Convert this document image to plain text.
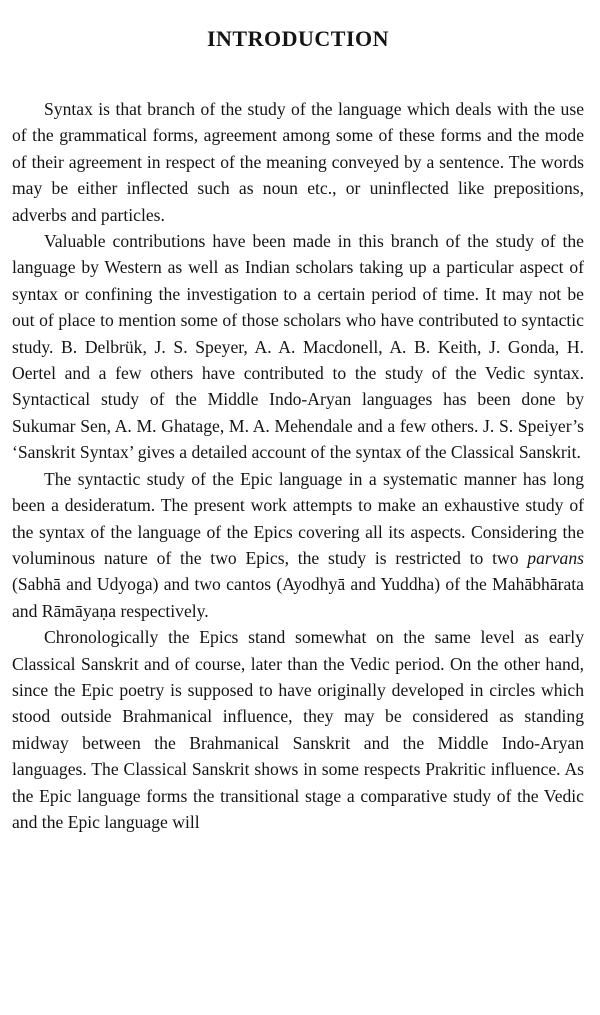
INTRODUCTION

Syntax is that branch of the study of the language which deals with the use of the grammatical forms, agreement among some of these forms and the mode of their agreement in respect of the meaning conveyed by a sentence. The words may be either inflected such as noun etc., or uninflected like prepositions, adverbs and particles.

Valuable contributions have been made in this branch of the study of the language by Western as well as Indian scholars taking up a particular aspect of syntax or confining the investigation to a certain period of time. It may not be out of place to mention some of those scholars who have contributed to syntactic study. B. Delbrük, J. S. Speyer, A. A. Macdonell, A. B. Keith, J. Gonda, H. Oertel and a few others have contributed to the study of the Vedic syntax. Syntactical study of the Middle Indo-Aryan languages has been done by Sukumar Sen, A. M. Ghatage, M. A. Mehendale and a few others. J. S. Speiyer’s ‘Sanskrit Syntax’ gives a detailed account of the syntax of the Classical Sanskrit.

The syntactic study of the Epic language in a systematic manner has long been a desideratum. The present work attempts to make an exhaustive study of the syntax of the language of the Epics covering all its aspects. Considering the voluminous nature of the two Epics, the study is restricted to two parvans (Sabhā and Udyoga) and two cantos (Ayodhyā and Yuddha) of the Mahābhārata and Rāmāyaṇa respectively.

Chronologically the Epics stand somewhat on the same level as early Classical Sanskrit and of course, later than the Vedic period. On the other hand, since the Epic poetry is supposed to have originally developed in circles which stood outside Brahmanical influence, they may be considered as standing midway between the Brahmanical Sanskrit and the Middle Indo-Aryan languages. The Classical Sanskrit shows in some respects Prakritic influence. As the Epic language forms the transitional stage a comparative study of the Vedic and the Epic language will
